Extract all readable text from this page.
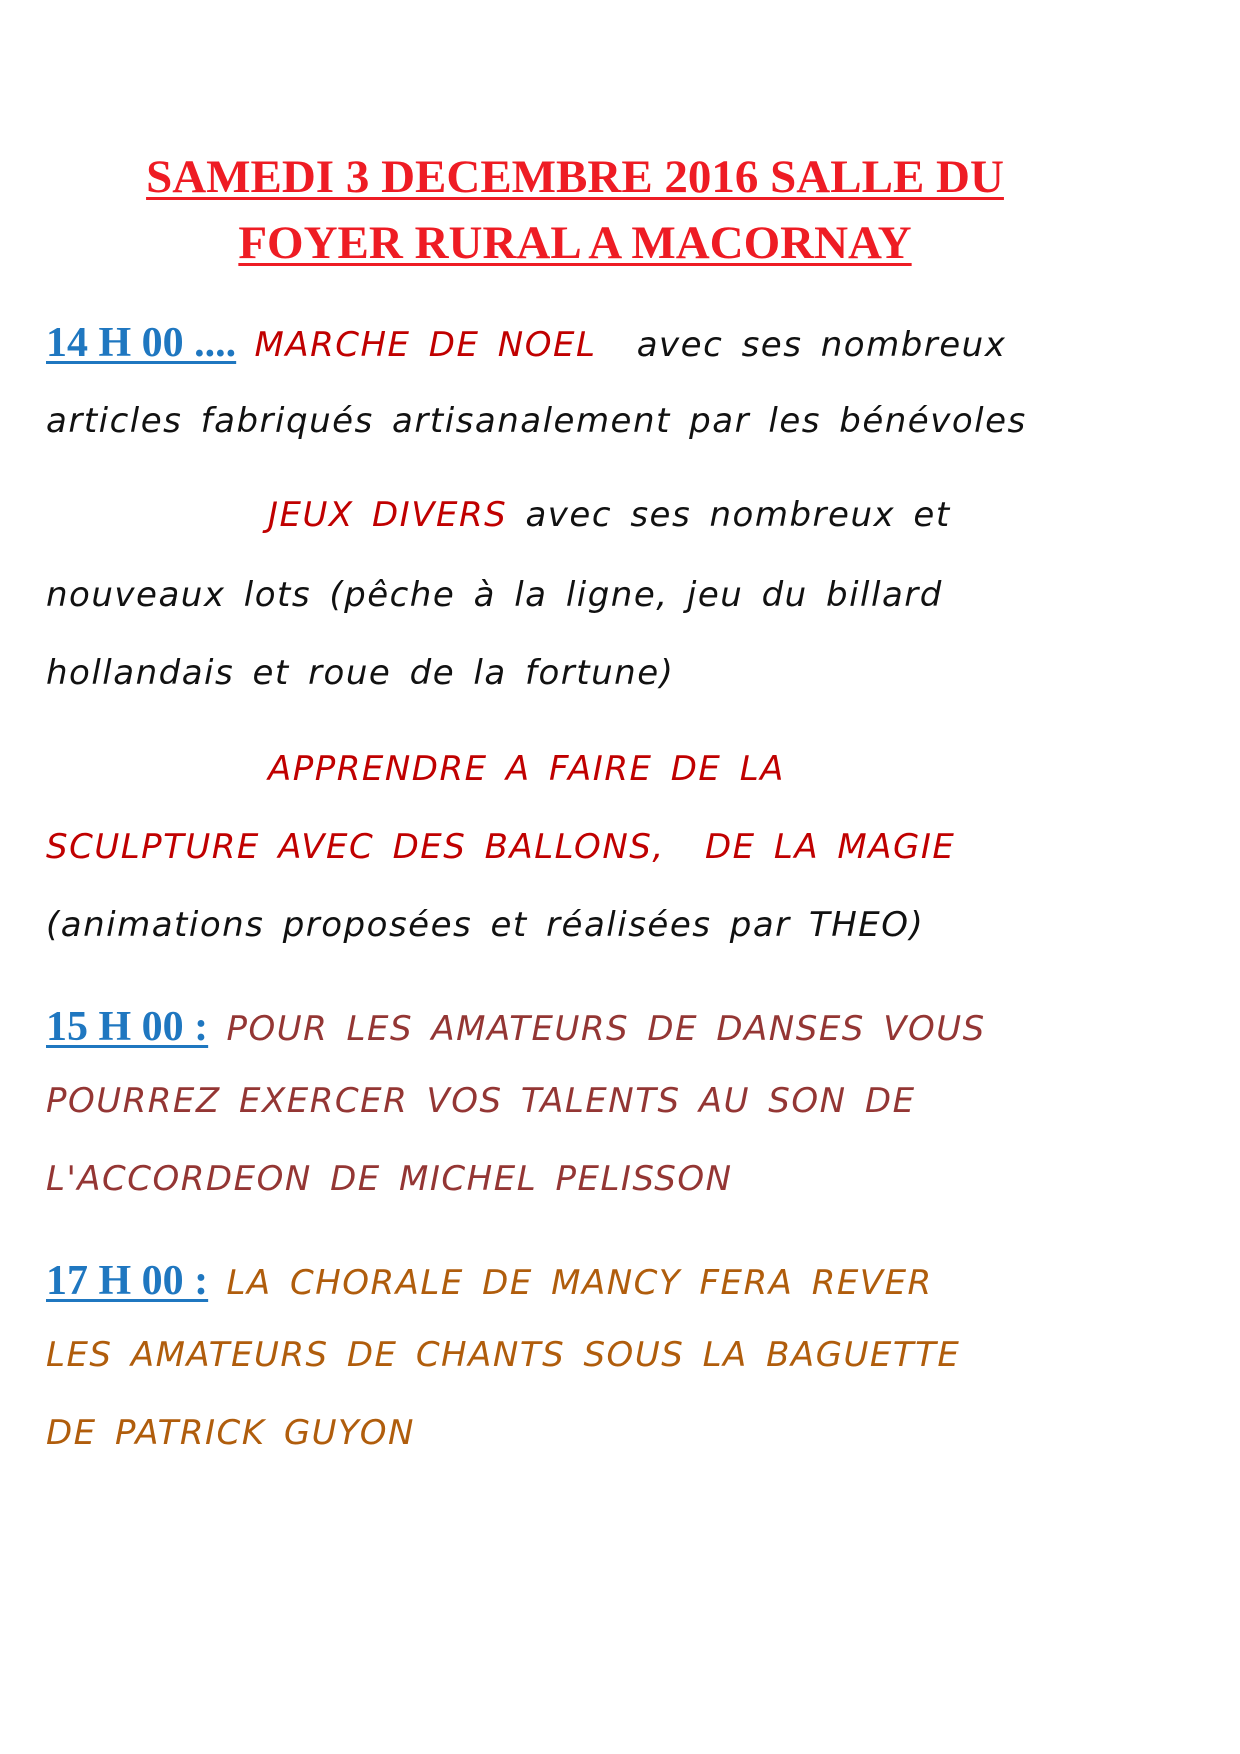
SAMEDI 3 DECEMBRE 2016 SALLE DU
FOYER RURAL A MACORNAY
14 H 00 .... MARCHE DE NOEL avec ses nombreux
articles fabriqués artisanalement par les bénévoles
JEUX DIVERS avec ses nombreux et
nouveaux lots (pêche à la ligne, jeu du billard
hollandais et roue de la fortune)
APPRENDRE A FAIRE DE LA
SCULPTURE AVEC DES BALLONS, DE LA MAGIE
(animations proposées et réalisées par THEO)
15 H 00 : POUR LES AMATEURS DE DANSES VOUS
POURREZ EXERCER VOS TALENTS AU SON DE
L'ACCORDEON DE MICHEL PELISSON
17 H 00 : LA CHORALE DE MANCY FERA REVER
LES AMATEURS DE CHANTS SOUS LA BAGUETTE
DE PATRICK GUYON
